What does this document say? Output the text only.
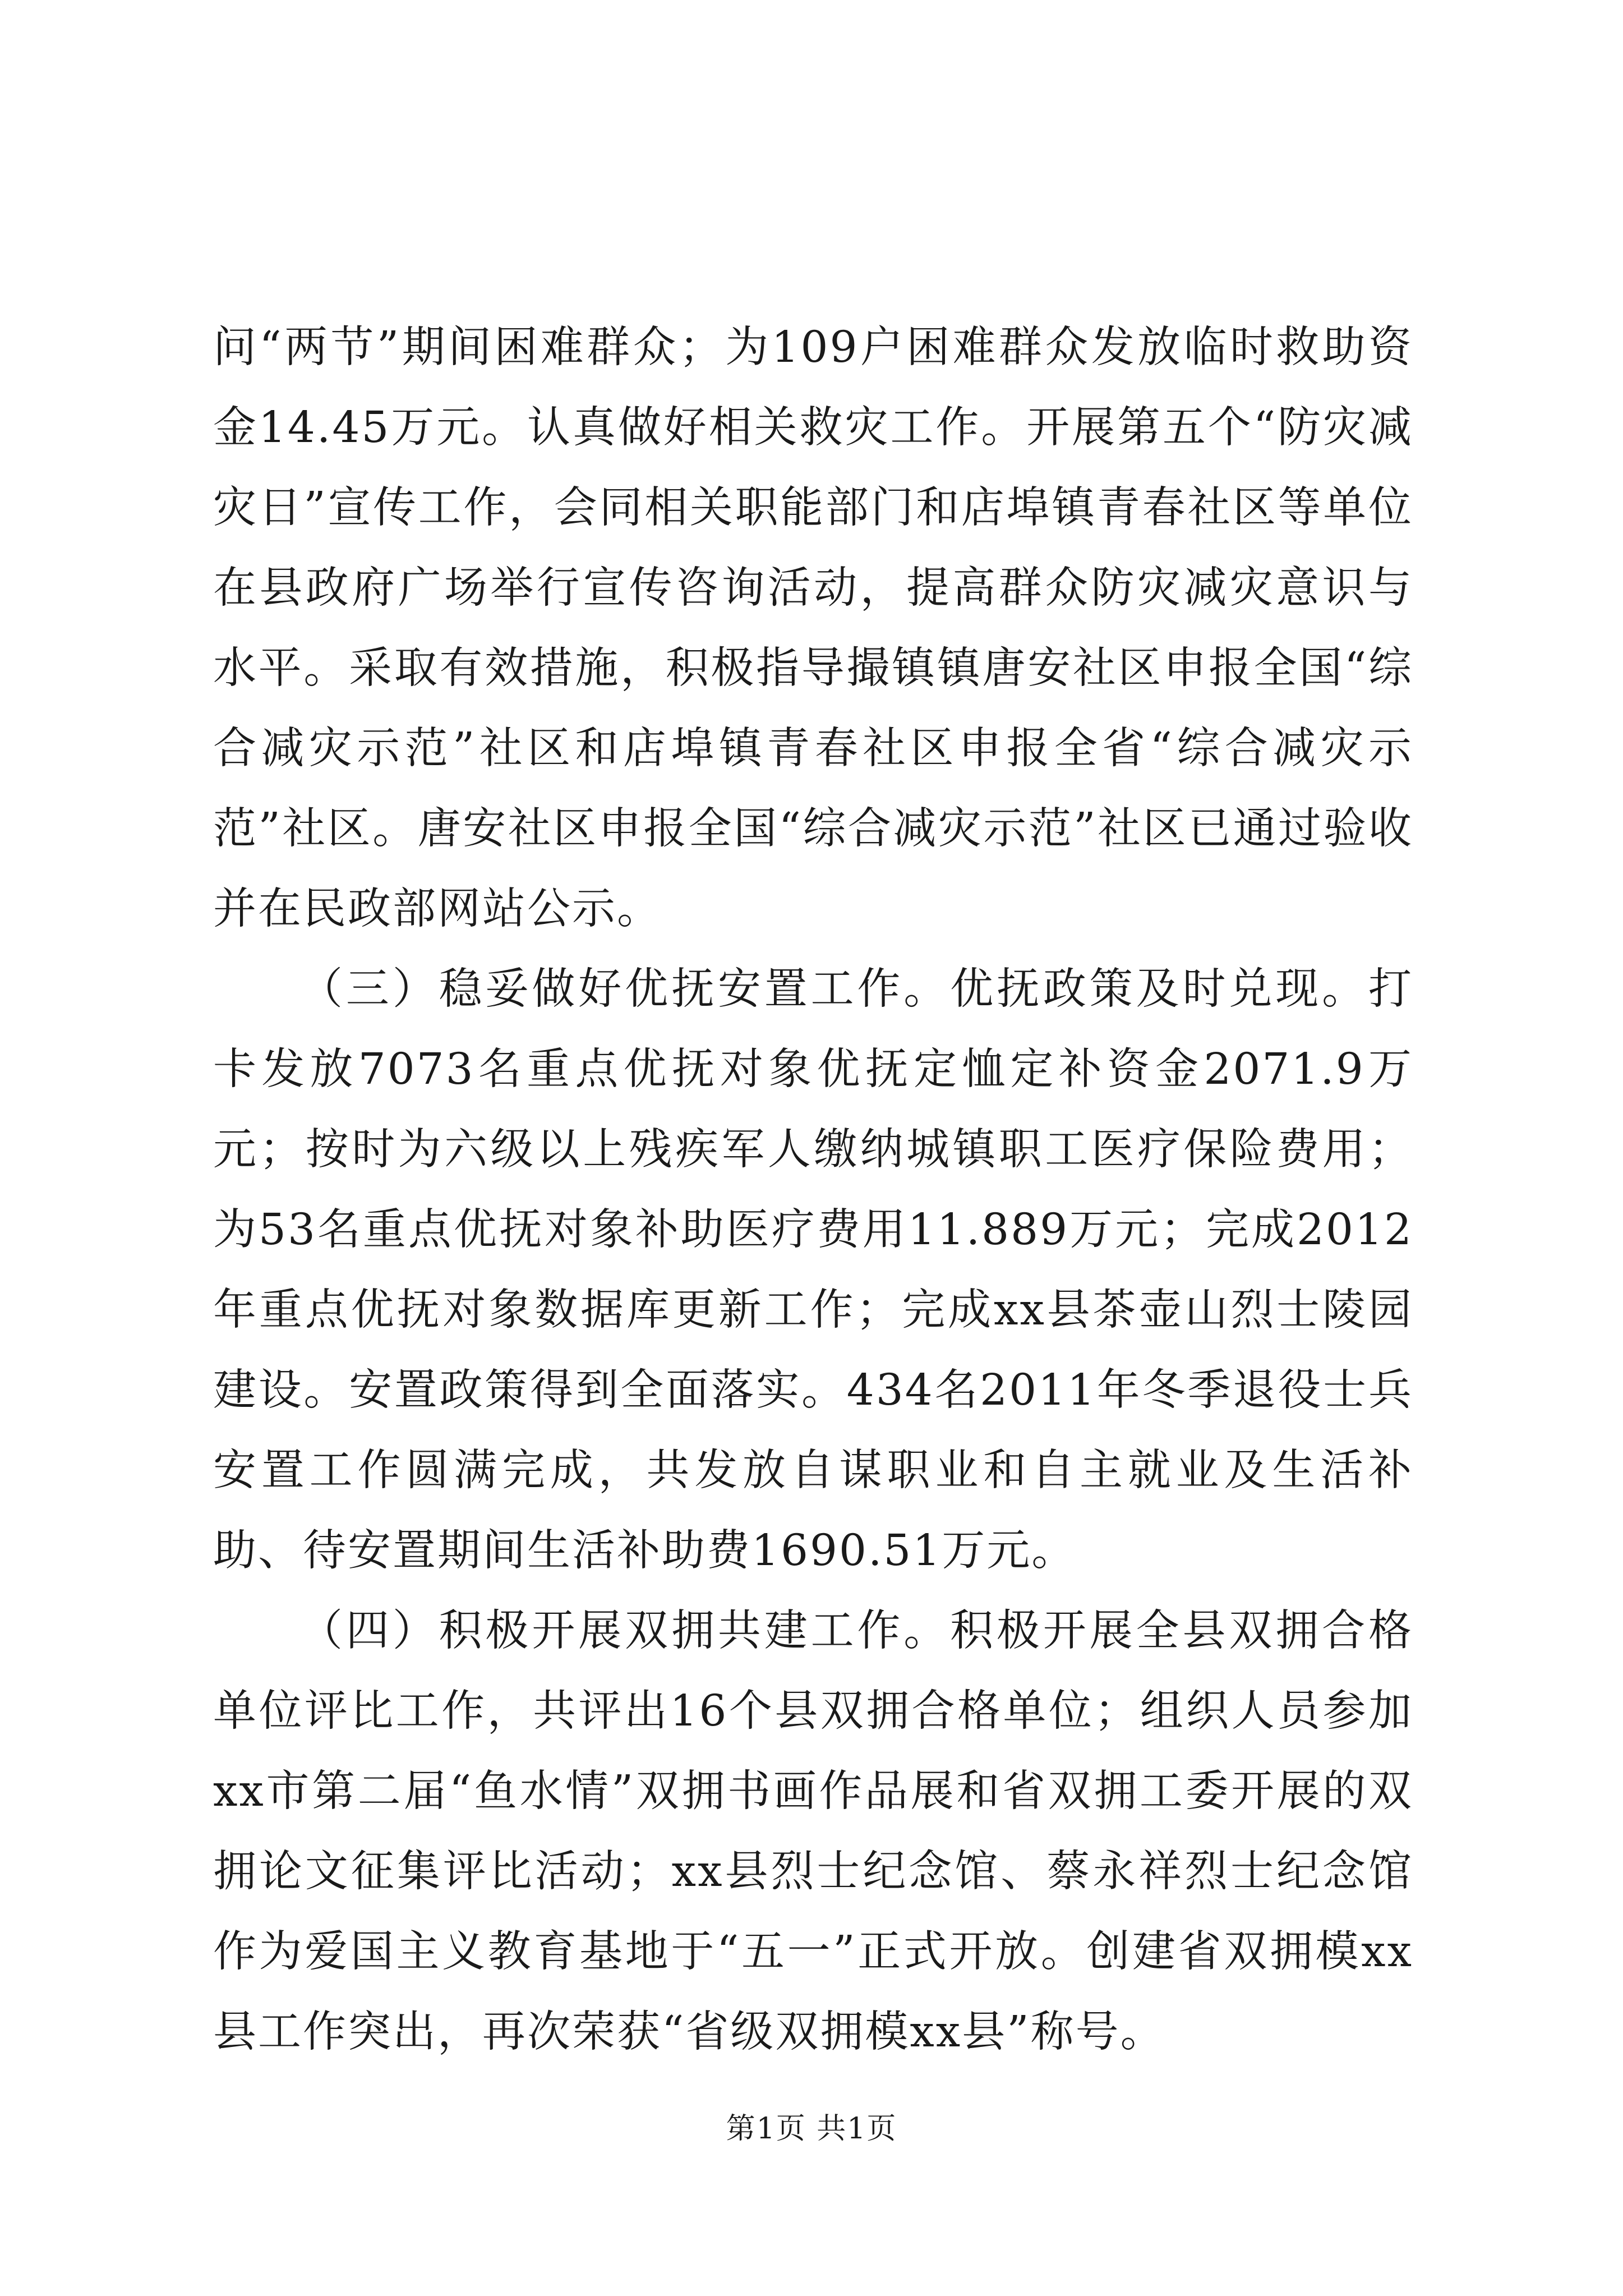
问“两节”期间困难群众；为109户困难群众发放临时救助资金14.45万元。认真做好相关救灾工作。开展第五个“防灾减灾日”宣传工作，会同相关职能部门和店埠镇青春社区等单位在县政府广场举行宣传咨询活动，提高群众防灾减灾意识与水平。采取有效措施，积极指导撮镇镇唐安社区申报全国“综合减灾示范”社区和店埠镇青春社区申报全省“综合减灾示范”社区。唐安社区申报全国“综合减灾示范”社区已通过验收并在民政部网站公示。

（三）稳妥做好优抚安置工作。优抚政策及时兑现。打卡发放7073名重点优抚对象优抚定恤定补资金2071.9万元；按时为六级以上残疾军人缴纳城镇职工医疗保险费用；为53名重点优抚对象补助医疗费用11.889万元；完成2012年重点优抚对象数据库更新工作；完成xx县茶壶山烈士陵园建设。安置政策得到全面落实。434名2011年冬季退役士兵安置工作圆满完成，共发放自谋职业和自主就业及生活补助、待安置期间生活补助费1690.51万元。

（四）积极开展双拥共建工作。积极开展全县双拥合格单位评比工作，共评出16个县双拥合格单位；组织人员参加xx市第二届“鱼水情”双拥书画作品展和省双拥工委开展的双拥论文征集评比活动；xx县烈士纪念馆、蔡永祥烈士纪念馆作为爱国主义教育基地于“五一”正式开放。创建省双拥模xx县工作突出，再次荣获“省级双拥模xx县”称号。

第1页 共1页
